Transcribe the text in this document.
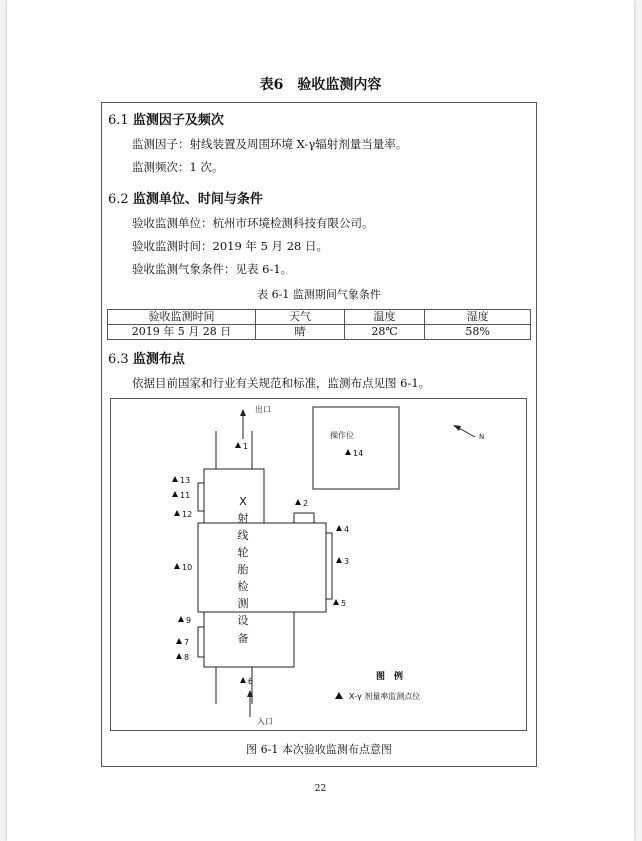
表6　验收监测内容
6.1 监测因子及频次
监测因子：射线装置及周围环境 X-γ辐射剂量当量率。
监测频次：1 次。
6.2 监测单位、时间与条件
验收监测单位：杭州市环境检测科技有限公司。
验收监测时间：2019 年 5 月 28 日。
验收监测气象条件：见表 6-1。
表 6-1 监测期间气象条件
验收监测时间	天气	温度	湿度
2019 年 5 月 28 日	晴	28℃	58%
6.3 监测布点
依据目前国家和行业有关规范和标准，监测布点见图 6-1。
出口
入口
操作位	N
X
射
线
轮
胎
检
测
设
备
1
2
3
4
5
6
7
8
9
10
11
12
13
14
图　例
X-γ 剂量率监测点位
图 6-1 本次验收监测布点意图
22
